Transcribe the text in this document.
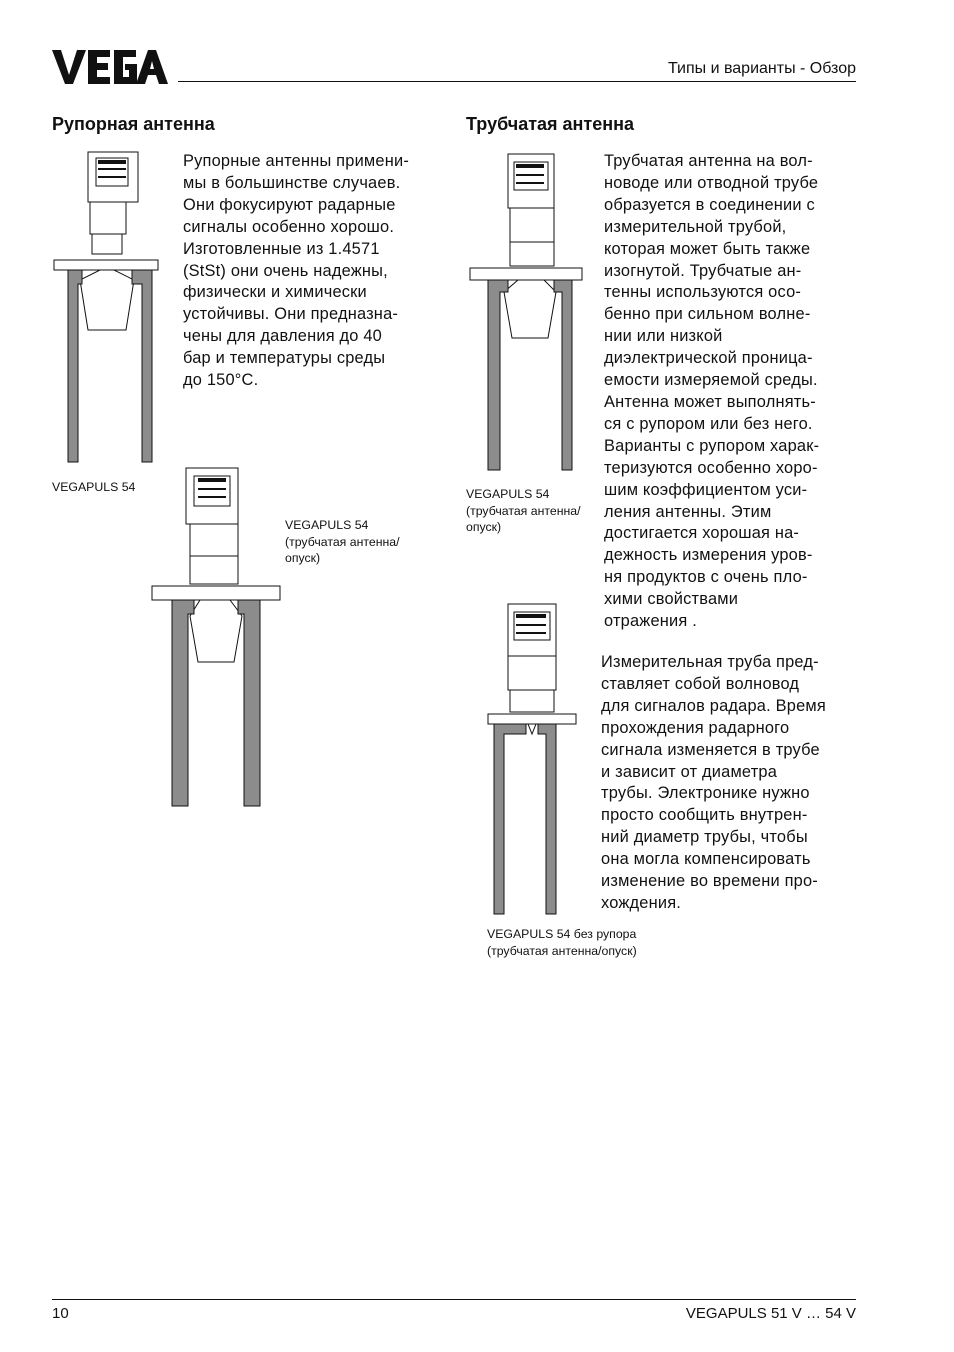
Типы и варианты - Обзор
Рупорная антенна
Рупорные антенны примени-
мы в большинстве случаев.
Они фокусируют радарные
сигналы особенно хорошо.
Изготовленные из 1.4571
(StSt) они очень надежны,
физически и химически
устойчивы. Они предназна-
чены для давления до 40
бар и температуры среды
до 150°C.
VEGAPULS 54
VEGAPULS 54
(трубчатая антенна/
опуск)
Трубчатая антенна
Трубчатая антенна на вол-
новоде или отводной трубе
образуется в соединении с
измерительной трубой,
которая может быть также
изогнутой. Трубчатые ан-
тенны используются осо-
бенно при сильном волне-
нии или низкой
диэлектрической проница-
емости измеряемой среды.
Антенна может выполнять-
ся с рупором или без него.
Варианты с рупором харак-
теризуются особенно хоро-
шим коэффициентом уси-
ления антенны. Этим
достигается хорошая на-
дежность измерения уров-
ня продуктов с очень пло-
хими свойствами
отражения .
Измерительная труба пред-
ставляет собой волновод
для сигналов радара. Время
прохождения радарного
сигнала изменяется в трубе
и зависит от диаметра
трубы. Электронике нужно
просто сообщить внутрен-
ний диаметр трубы, чтобы
она могла компенсировать
изменение во времени про-
хождения.
VEGAPULS 54
(трубчатая антенна/
опуск)
VEGAPULS 54 без рупора
(трубчатая антенна/опуск)
10	VEGAPULS 51 V … 54 V
